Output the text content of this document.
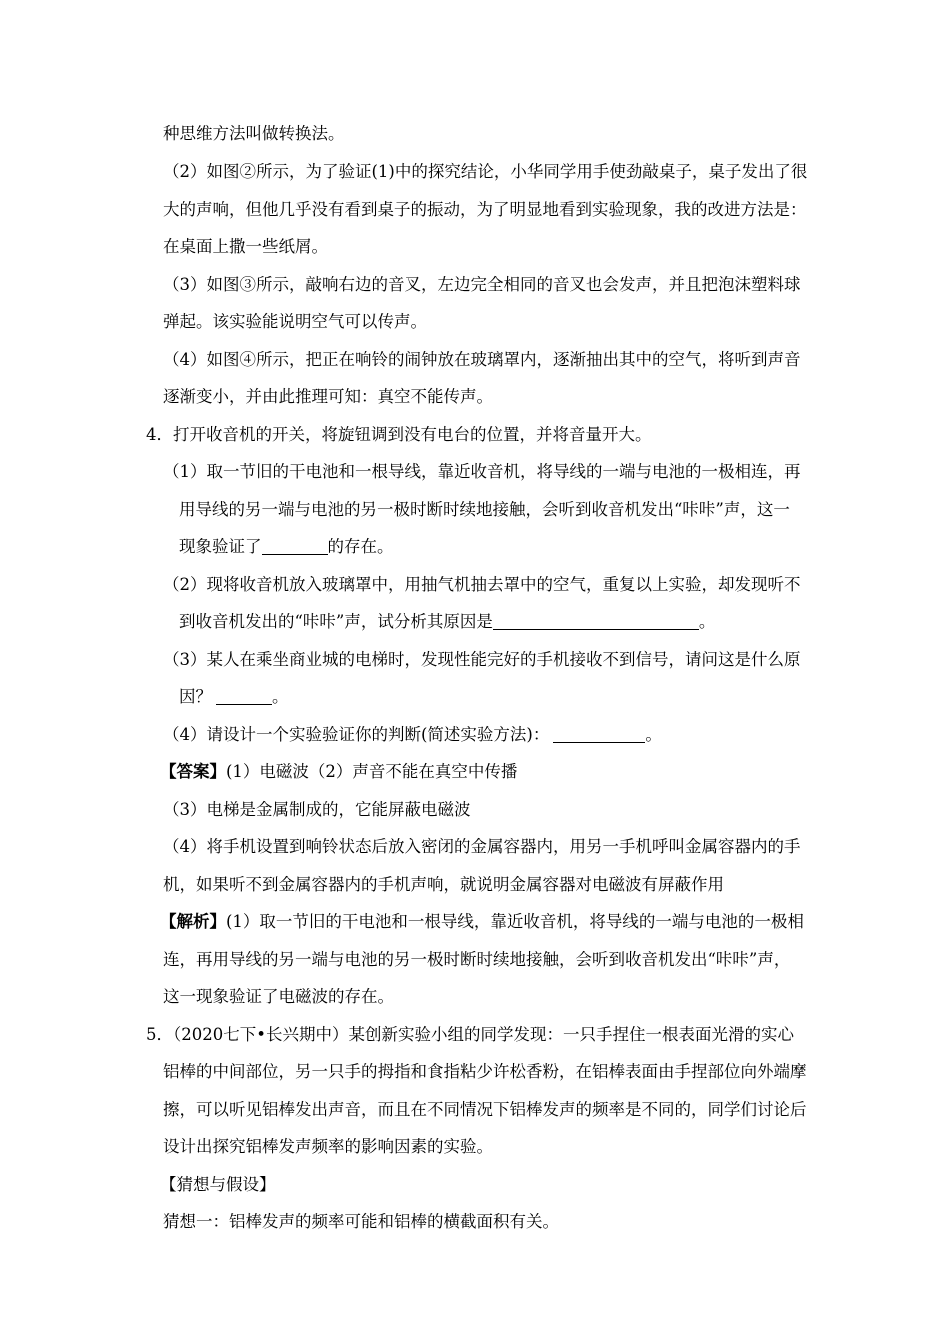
种思维方法叫做转换法。
（2）如图②所示，为了验证(1)中的探究结论，小华同学用手使劲敲桌子，桌子发出了很
大的声响，但他几乎没有看到桌子的振动，为了明显地看到实验现象，我的改进方法是：
在桌面上撒一些纸屑。
（3）如图③所示，敲响右边的音叉，左边完全相同的音叉也会发声，并且把泡沫塑料球
弹起。该实验能说明空气可以传声。
（4）如图④所示，把正在响铃的闹钟放在玻璃罩内，逐渐抽出其中的空气，将听到声音
逐渐变小，并由此推理可知：真空不能传声。
4．打开收音机的开关，将旋钮调到没有电台的位置，并将音量开大。
（1）取一节旧的干电池和一根导线，靠近收音机，将导线的一端与电池的一极相连，再
用导线的另一端与电池的另一极时断时续地接触，会听到收音机发出“咔咔”声，这一
现象验证了	的存在。
（2）现将收音机放入玻璃罩中，用抽气机抽去罩中的空气，重复以上实验，却发现听不
到收音机发出的“咔咔”声，试分析其原因是	。
（3）某人在乘坐商业城的电梯时，发现性能完好的手机接收不到信号，请问这是什么原
因？	。
（4）请设计一个实验验证你的判断(简述实验方法)：	。
【答案】(1）电磁波（2）声音不能在真空中传播
（3）电梯是金属制成的，它能屏蔽电磁波
（4）将手机设置到响铃状态后放入密闭的金属容器内，用另一手机呼叫金属容器内的手
机，如果听不到金属容器内的手机声响，就说明金属容器对电磁波有屏蔽作用
【解析】(1）取一节旧的干电池和一根导线，靠近收音机，将导线的一端与电池的一极相
连，再用导线的另一端与电池的另一极时断时续地接触，会听到收音机发出“咔咔”声，
这一现象验证了电磁波的存在。
5．（2020七下•长兴期中）某创新实验小组的同学发现：一只手捏住一根表面光滑的实心
铝棒的中间部位，另一只手的拇指和食指粘少许松香粉，在铝棒表面由手捏部位向外端摩
擦，可以听见铝棒发出声音，而且在不同情况下铝棒发声的频率是不同的，同学们讨论后
设计出探究铝棒发声频率的影响因素的实验。
【猜想与假设】
猜想一：铝棒发声的频率可能和铝棒的横截面积有关。
